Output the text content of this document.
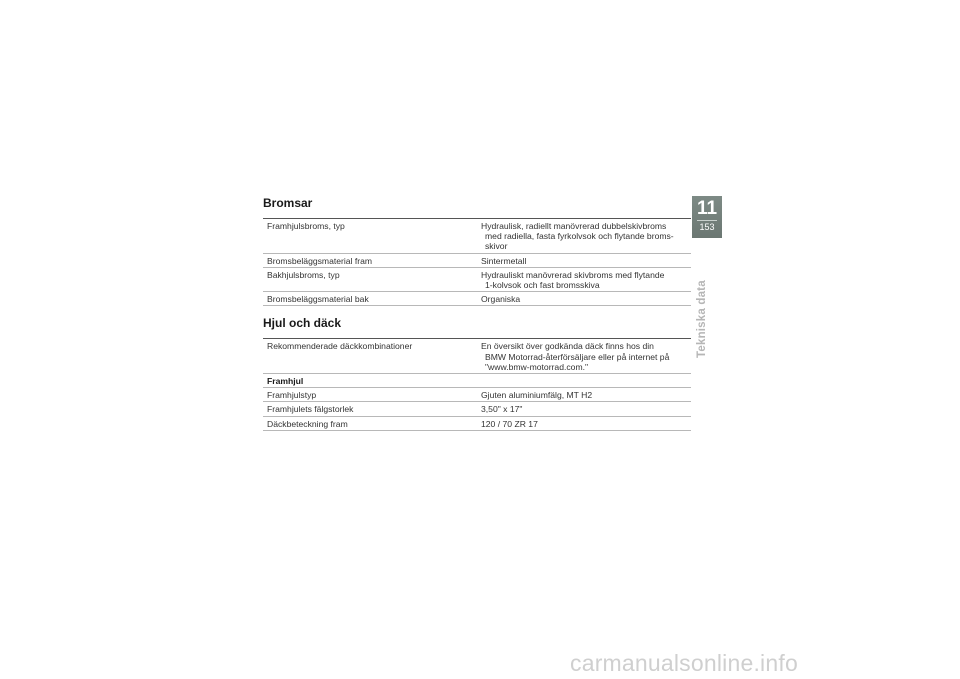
Bromsar
Framhjulsbroms, typ	Hydraulisk, radiellt manövrerad dubbelskivbroms
med radiella, fasta fyrkolvsok och flytande broms-
skivor

Bromsbeläggsmaterial fram	Sintermetall

Bakhjulsbroms, typ	Hydrauliskt manövrerad skivbroms med flytande
1-kolvsok och fast bromsskiva

Bromsbeläggsmaterial bak	Organiska
Hjul och däck
Rekommenderade däckkombinationer	En översikt över godkända däck finns hos din
BMW Motorrad-återförsäljare eller på internet på
"www.bmw-motorrad.com."

Framhjul	
Framhjulstyp	Gjuten aluminiumfälg, MT H2

Framhjulets fälgstorlek	3,50" x 17"

Däckbeteckning fram	120 / 70 ZR 17
11
153
Tekniska data
carmanualsonline.info
